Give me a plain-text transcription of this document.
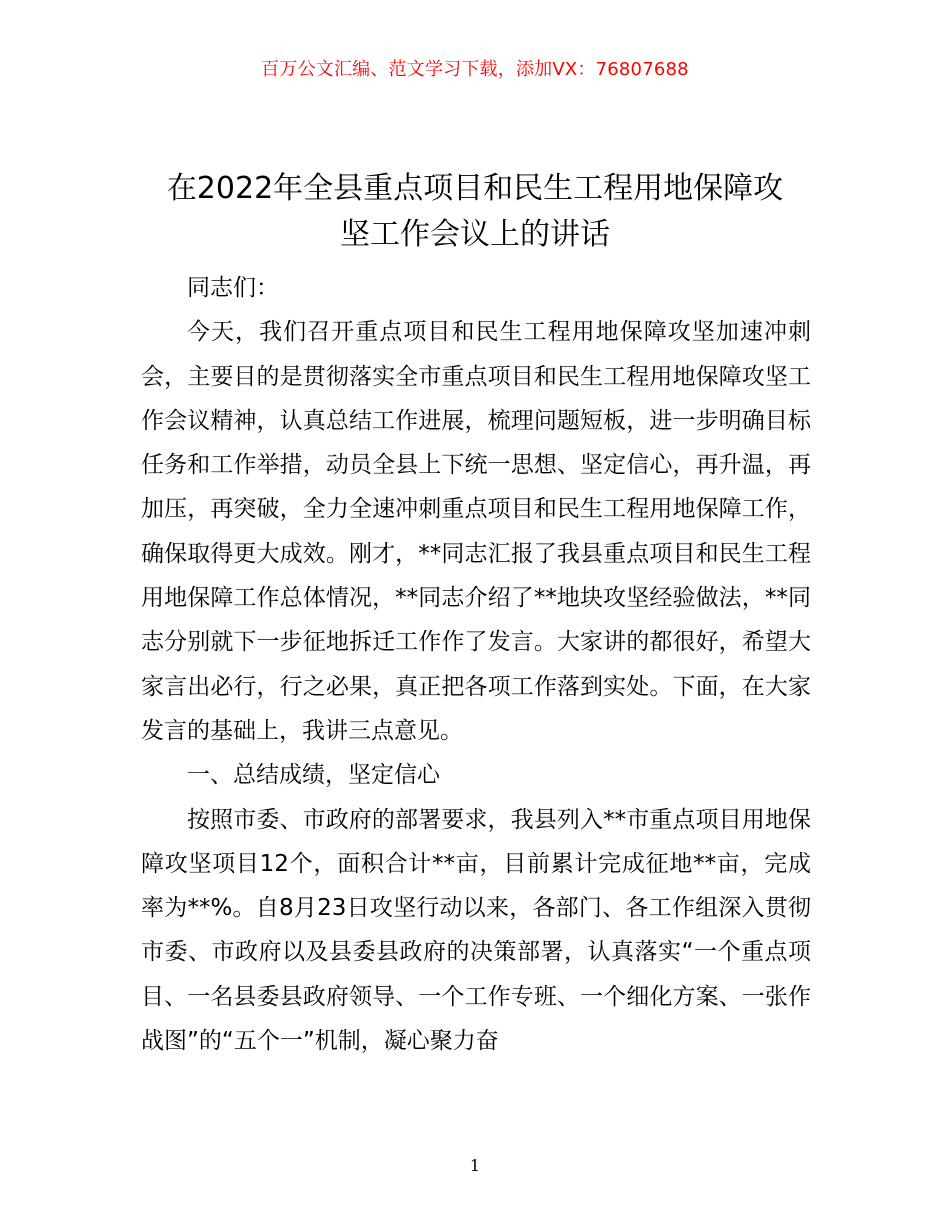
百万公文汇编、范文学习下载，添加VX：76807688
在2022年全县重点项目和民生工程用地保障攻
坚工作会议上的讲话

同志们：

今天，我们召开重点项目和民生工程用地保障攻坚加速冲刺会，主要目的是贯彻落实全市重点项目和民生工程用地保障攻坚工作会议精神，认真总结工作进展，梳理问题短板，进一步明确目标任务和工作举措，动员全县上下统一思想、坚定信心，再升温，再加压，再突破，全力全速冲刺重点项目和民生工程用地保障工作，确保取得更大成效。刚才，**同志汇报了我县重点项目和民生工程用地保障工作总体情况，**同志介绍了**地块攻坚经验做法，**同志分别就下一步征地拆迁工作作了发言。大家讲的都很好，希望大家言出必行，行之必果，真正把各项工作落到实处。下面，在大家发言的基础上，我讲三点意见。

一、总结成绩，坚定信心

按照市委、市政府的部署要求，我县列入**市重点项目用地保障攻坚项目12个，面积合计**亩，目前累计完成征地**亩，完成率为**%。自8月23日攻坚行动以来，各部门、各工作组深入贯彻市委、市政府以及县委县政府的决策部署，认真落实“一个重点项目、一名县委县政府领导、一个工作专班、一个细化方案、一张作战图”的“五个一”机制，凝心聚力奋

1
